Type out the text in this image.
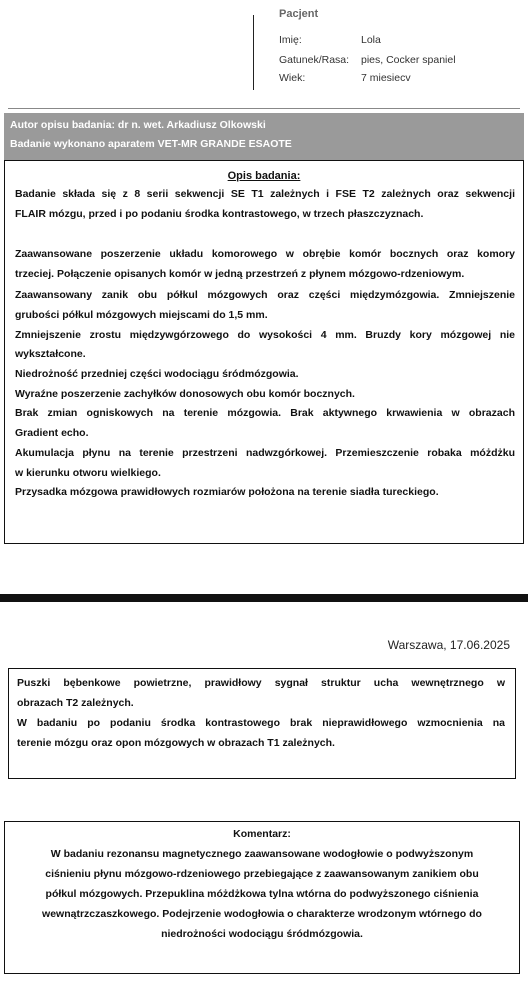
Pacjent
Imię:	Lola
Gatunek/Rasa: pies, Cocker spaniel
Wiek:	7 miesiecv
Autor opisu badania: dr n. wet. Arkadiusz Olkowski
Badanie wykonano aparatem VET-MR GRANDE ESAOTE
Opis badania:
Badanie składa się z 8 serii sekwencji SE T1 zależnych i FSE T2 zależnych oraz sekwencji
FLAIR mózgu, przed i po podaniu środka kontrastowego, w trzech płaszczyznach.
Zaawansowane poszerzenie układu komorowego w obrębie komór bocznych oraz komory
trzeciej. Połączenie opisanych komór w jedną przestrzeń z płynem mózgowo-rdzeniowym.
Zaawansowany zanik obu półkul mózgowych oraz części międzymózgowia. Zmniejszenie
grubości półkul mózgowych miejscami do 1,5 mm.
Zmniejszenie zrostu międzywgórzowego do wysokości 4 mm. Bruzdy kory mózgowej nie
wykształcone.
Niedrożność przedniej części wodociągu śródmózgowia.
Wyraźne poszerzenie zachyłków donosowych obu komór bocznych.
Brak zmian ogniskowych na terenie mózgowia. Brak aktywnego krwawienia w obrazach
Gradient echo.
Akumulacja płynu na terenie przestrzeni nadwzgórkowej. Przemieszczenie robaka móżdżku
w kierunku otworu wielkiego.
Przysadka mózgowa prawidłowych rozmiarów położona na terenie siadła tureckiego.
Warszawa, 17.06.2025
Puszki bębenkowe powietrzne, prawidłowy sygnał struktur ucha wewnętrznego w
obrazach T2 zależnych.
W badaniu po podaniu środka kontrastowego brak nieprawidłowego wzmocnienia na
terenie mózgu oraz opon mózgowych w obrazach T1 zależnych.
Komentarz:
W badaniu rezonansu magnetycznego zaawansowane wodogłowie o podwyższonym
ciśnieniu płynu mózgowo-rdzeniowego przebiegające z zaawansowanym zanikiem obu
półkul mózgowych. Przepuklina móżdżkowa tylna wtórna do podwyższonego ciśnienia
wewnątrzczaszkowego. Podejrzenie wodogłowia o charakterze wrodzonym wtórnego do
niedrożności wodociągu śródmózgowia.
